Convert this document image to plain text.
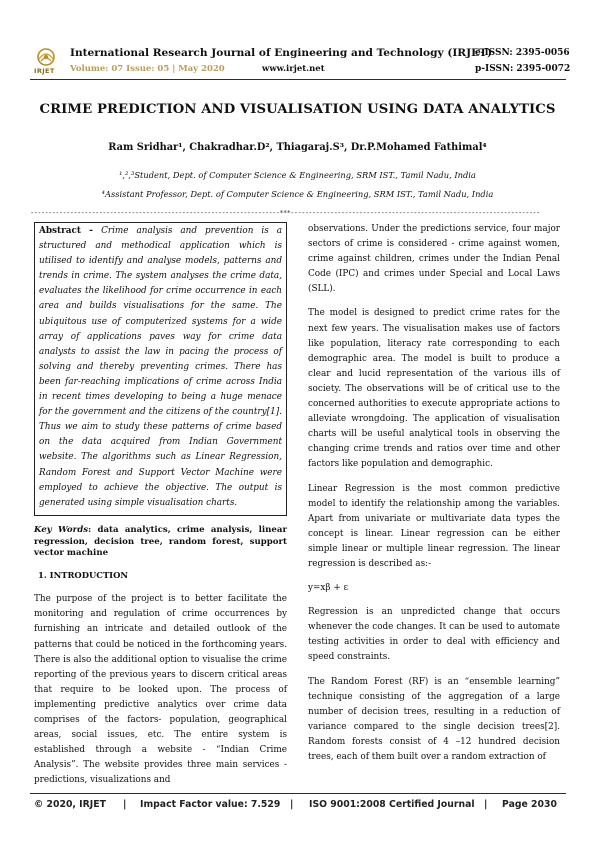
IRJET
International Research Journal of Engineering and Technology (IRJET)
e-ISSN: 2395-0056
Volume: 07 Issue: 05 | May 2020	www.irjet.net	p-ISSN: 2395-0072
CRIME PREDICTION AND VISUALISATION USING DATA ANALYTICS
Ram Sridhar¹, Chakradhar.D², Thiagaraj.S³, Dr.P.Mohamed Fathimal⁴
¹,²,³Student, Dept. of Computer Science & Engineering, SRM IST., Tamil Nadu, India
⁴Assistant Professor, Dept. of Computer Science & Engineering, SRM IST., Tamil Nadu, India
---------------------------------------------------------------------***---------------------------------------------------------------------
Abstract - Crime analysis and prevention is a structured and methodical application which is utilised to identify and analyse models, patterns and trends in crime. The system analyses the crime data, evaluates the likelihood for crime occurrence in each area and builds visualisations for the same. The ubiquitous use of computerized systems for a wide array of applications paves way for crime data analysts to assist the law in pacing the process of solving and thereby preventing crimes. There has been far-reaching implications of crime across India in recent times developing to being a huge menace for the government and the citizens of the country[1]. Thus we aim to study these patterns of crime based on the data acquired from Indian Government website. The algorithms such as Linear Regression, Random Forest and Support Vector Machine were employed to achieve the objective. The output is generated using simple visualisation charts.
Key Words: data analytics, crime analysis, linear regression, decision tree, random forest, support vector machine
1. INTRODUCTION

The purpose of the project is to better facilitate the monitoring and regulation of crime occurrences by furnishing an intricate and detailed outlook of the patterns that could be noticed in the forthcoming years. There is also the additional option to visualise the crime reporting of the previous years to discern critical areas that require to be looked upon. The process of implementing predictive analytics over crime data comprises of the factors- population, geographical areas, social issues, etc. The entire system is established through a website - “Indian Crime Analysis”. The website provides three main services - predictions, visualizations and

observations. Under the predictions service, four major sectors of crime is considered - crime against women, crime against children, crimes under the Indian Penal Code (IPC) and crimes under Special and Local Laws (SLL).

The model is designed to predict crime rates for the next few years. The visualisation makes use of factors like population, literacy rate corresponding to each demographic area. The model is built to produce a clear and lucid representation of the various ills of society. The observations will be of critical use to the concerned authorities to execute appropriate actions to alleviate wrongdoing. The application of visualisation charts will be useful analytical tools in observing the changing crime trends and ratios over time and other factors like population and demographic.

Linear Regression is the most common predictive model to identify the relationship among the variables. Apart from univariate or multivariate data types the concept is linear. Linear regression can be either simple linear or multiple linear regression. The linear regression is described as:-

y=xβ + ε

Regression is an unpredicted change that occurs whenever the code changes. It can be used to automate testing activities in order to deal with efficiency and speed constraints.

The Random Forest (RF) is an “ensemble learning” technique consisting of the aggregation of a large number of decision trees, resulting in a reduction of variance compared to the single decision trees[2]. Random forests consist of 4 –12 hundred decision trees, each of them built over a random extraction of

© 2020, IRJET | Impact Factor value: 7.529 | ISO 9001:2008 Certified Journal | Page 2030
